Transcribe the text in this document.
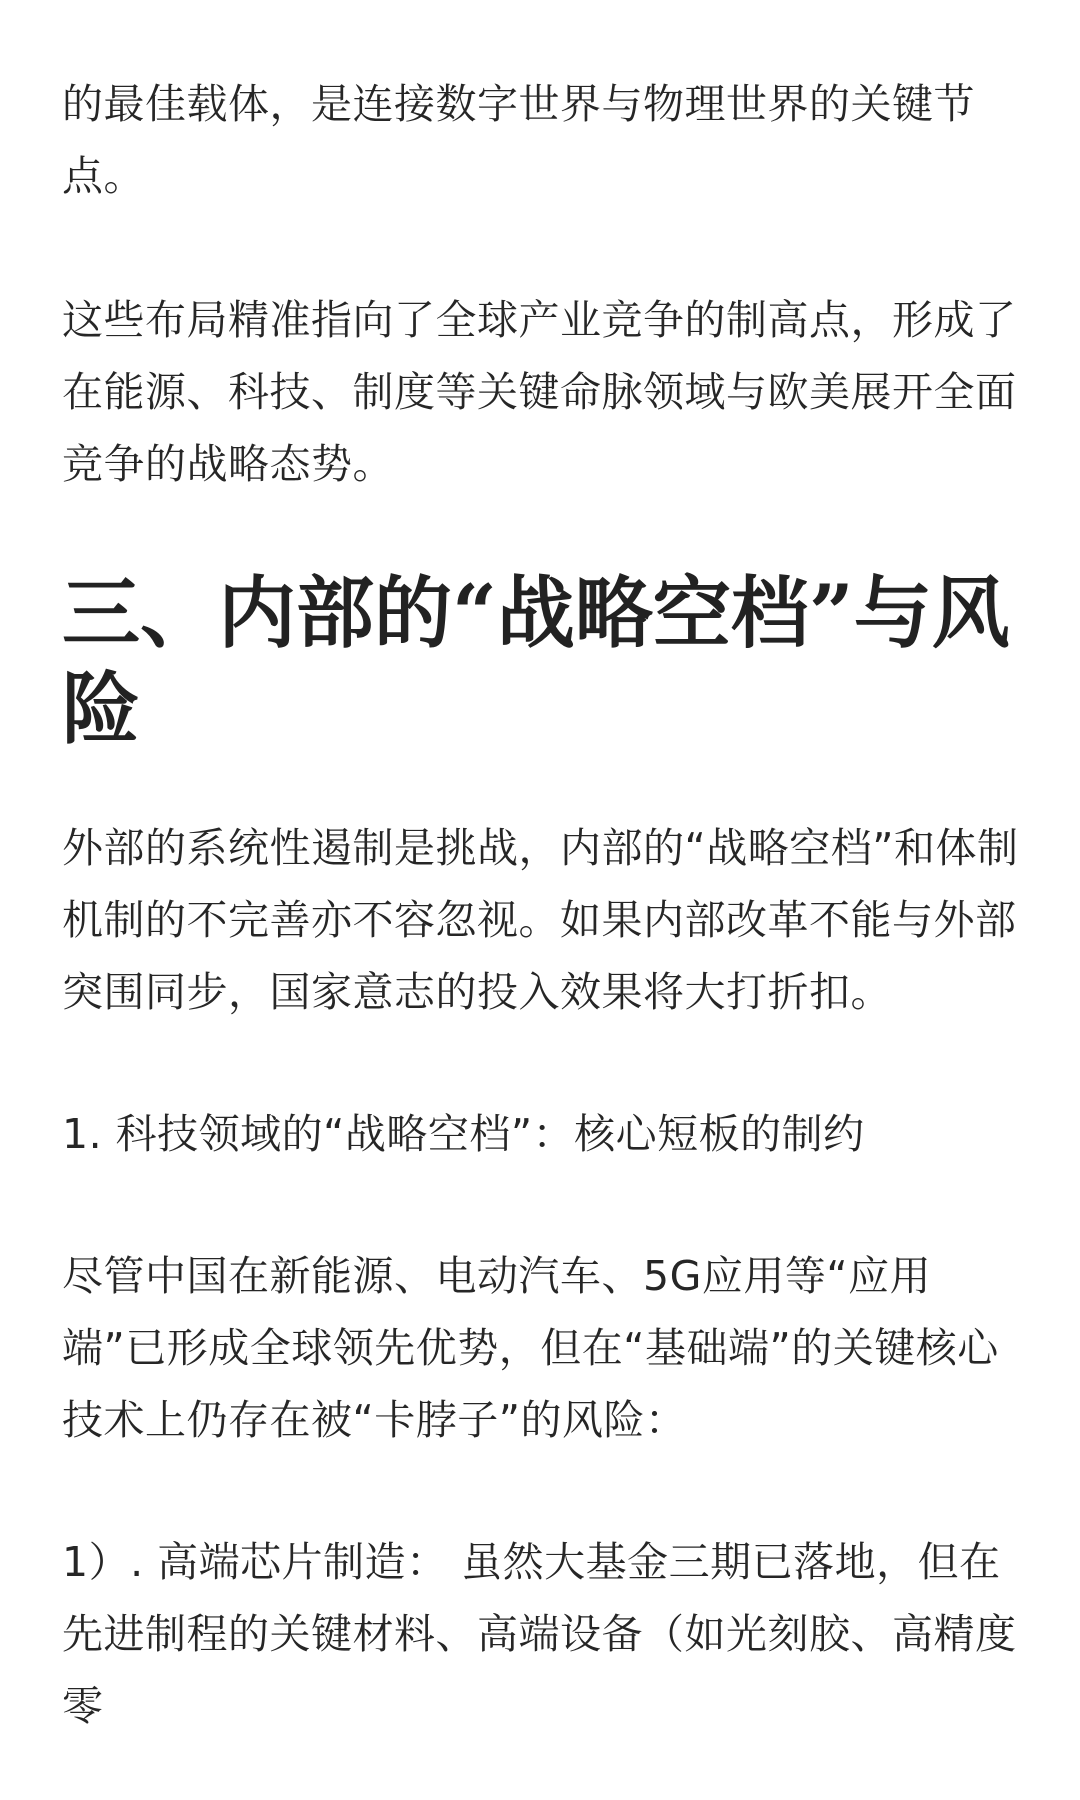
的最佳载体，是连接数字世界与物理世界的关键节点。

这些布局精准指向了全球产业竞争的制高点，形成了在能源、科技、制度等关键命脉领域与欧美展开全面竞争的战略态势。

三、内部的“战略空档”与风险

外部的系统性遏制是挑战，内部的“战略空档”和体制机制的不完善亦不容忽视。如果内部改革不能与外部突围同步，国家意志的投入效果将大打折扣。

1. 科技领域的“战略空档”：核心短板的制约

尽管中国在新能源、电动汽车、5G应用等“应用端”已形成全球领先优势，但在“基础端”的关键核心技术上仍存在被“卡脖子”的风险：

1）. 高端芯片制造： 虽然大基金三期已落地，但在先进制程的关键材料、高端设备（如光刻胶、高精度零
